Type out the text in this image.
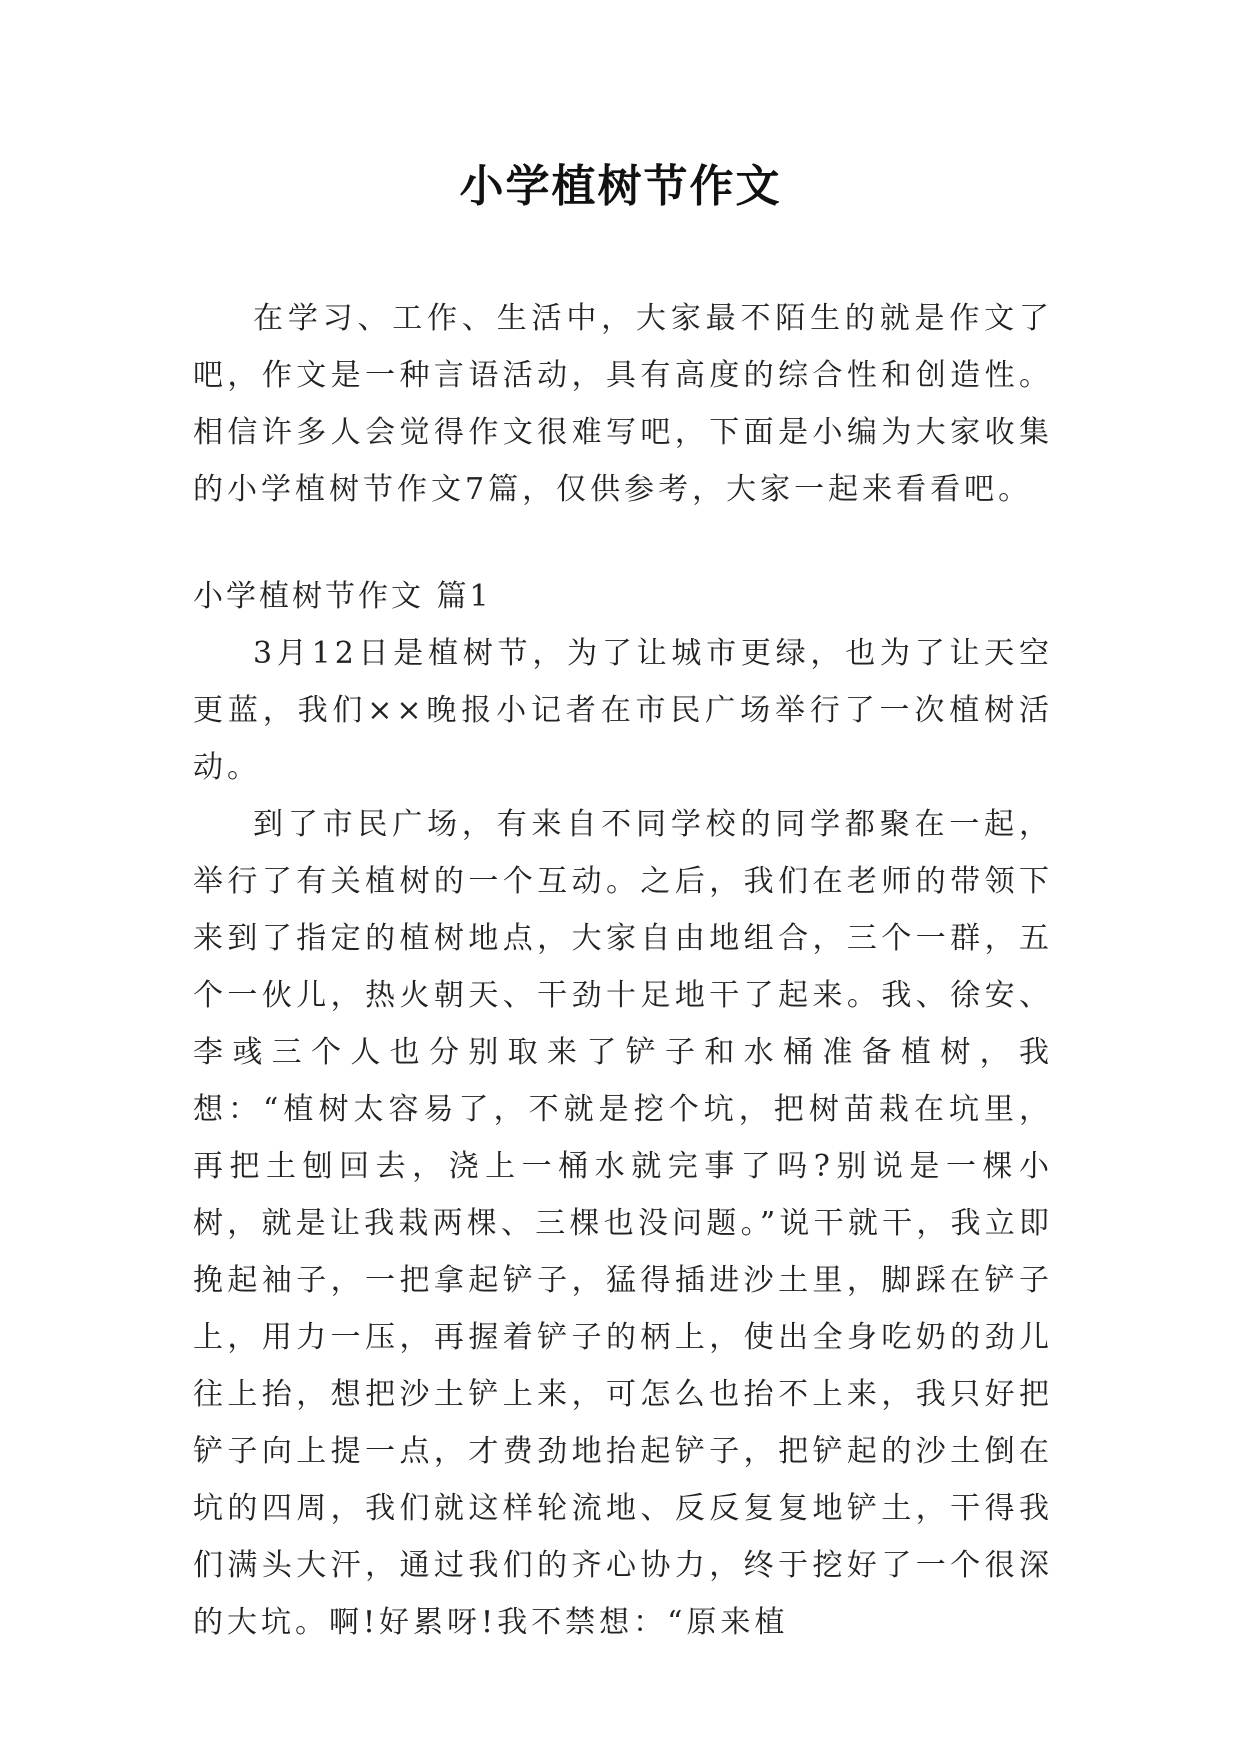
小学植树节作文

在学习、工作、生活中，大家最不陌生的就是作文了吧，作文是一种言语活动，具有高度的综合性和创造性。相信许多人会觉得作文很难写吧，下面是小编为大家收集的小学植树节作文7篇，仅供参考，大家一起来看看吧。

小学植树节作文 篇1

3月12日是植树节，为了让城市更绿，也为了让天空更蓝，我们××晚报小记者在市民广场举行了一次植树活动。

到了市民广场，有来自不同学校的同学都聚在一起，举行了有关植树的一个互动。之后，我们在老师的带领下来到了指定的植树地点，大家自由地组合，三个一群，五个一伙儿，热火朝天、干劲十足地干了起来。我、徐安、李彧三个人也分别取来了铲子和水桶准备植树，我想：“植树太容易了，不就是挖个坑，把树苗栽在坑里，再把土刨回去，浇上一桶水就完事了吗?别说是一棵小树，就是让我栽两棵、三棵也没问题。”说干就干，我立即挽起袖子，一把拿起铲子，猛得插进沙土里，脚踩在铲子上，用力一压，再握着铲子的柄上，使出全身吃奶的劲儿往上抬，想把沙土铲上来，可怎么也抬不上来，我只好把铲子向上提一点，才费劲地抬起铲子，把铲起的沙土倒在坑的四周，我们就这样轮流地、反反复复地铲土，干得我们满头大汗，通过我们的齐心协力，终于挖好了一个很深的大坑。啊!好累呀!我不禁想：“原来植
